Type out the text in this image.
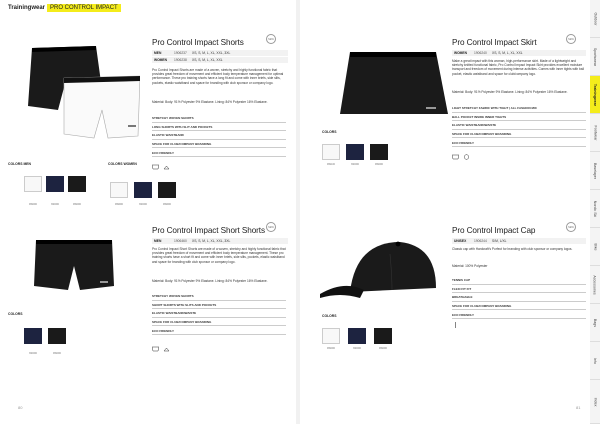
Trainingwear PRO CONTROL IMPACT
COLORS MEN	COLORS WOMEN
999000	390000	999000	999900	390000	999900
Pro Control Impact Shorts	NEW
MEN	1906237	XS, S, M, L, XL, XXL, 3XL
WOMEN	1906238	XS, S, M, L, XL, XXL
Pro Control Impact Shorts are made of a woven, stretchy and highly functional fabric that provides great freedom of movement and efficient body temperature management for optimal performance. These pro training shorts have a long fit and come with inner briefs, side slits, pockets, elastic waistband and space for branding with club sponsor or company logo.
Material: Body: 91% Polyester 9% Elastane. Lining: 84% Polyester 16% Elastane.
STRETCHY WOVEN SHORTS
LONG SHORTS WITH SLIT AND POCKETS
ELASTIC WAISTBAND
SPACE FOR CLUB/COMPANY BRANDING
ECO FRIENDLY
COLORS
390000	999000
Pro Control Impact Short Shorts	NEW
MEN	1906460	XS, S, M, L, XL, XXL, 3XL
Pro Control Impact Short Shorts are made of a woven, stretchy and highly functional fabric that provides great freedom of movement and efficient body temperature management. These pro training shorts have a short fit and come with inner briefs, side slits, pockets, elastic waistband and space for branding with club sponsor or company logo.
Material: Body: 91% Polyester 9% Elastane. Lining: 84% Polyester 16% Elastane.
STRETCHY WOVEN SHORTS
SHORT SHORTS WITH SLITS AND POCKETS
ELASTIC WAISTBAND/WAISTE
SPACE FOR CLUB/COMPANY BRANDING
ECO FRIENDLY
80
COLORS
999100	390000	999000
Pro Control Impact Skirt	NEW
WOMEN	1906240	XS, S, M, L, XL, XXL
Make a great impact with this woman, high-performance skirt. Made of a lightweight and stretchy knitted functional fabric, Pro Control Impact Impact Skirt provides excellent moisture transport and freedom of movement during intense activities. Comes with inner tights with ball pocket, elastic waistband and space for club/company logo.
Material: Body: 91% Polyester 9% Elastane. Lining: 84% Polyester 16% Elastane.
LIGHT STRETCHY FABRIC WITH TIGHT | ALL FASHION MIX
BALL POCKET INSIDE INNER TIGHTS
ELASTIC WAISTBAND/WAISTE
SPACE FOR CLUB/COMPANY BRANDING
ECO FRIENDLY
COLORS
999000	390000	999000
Pro Control Impact Cap	NEW
UNISEX	1906244	S/M, L/XL
Classic cap with Hardcraft's Porfect for branding with club sponsor or company logos.
Material: 100% Polyester
TENNIS CAP
FLEXI FIT FIT
BREATHABLE
SPACE FOR CLUB/COMPANY BRANDING
ECO FRIENDLY
81
Outdoor
Sportswear
Trainingwear
Footwear
Baselayer
Nordic Ski
Bike
Accessories
Bags
Info
Index
